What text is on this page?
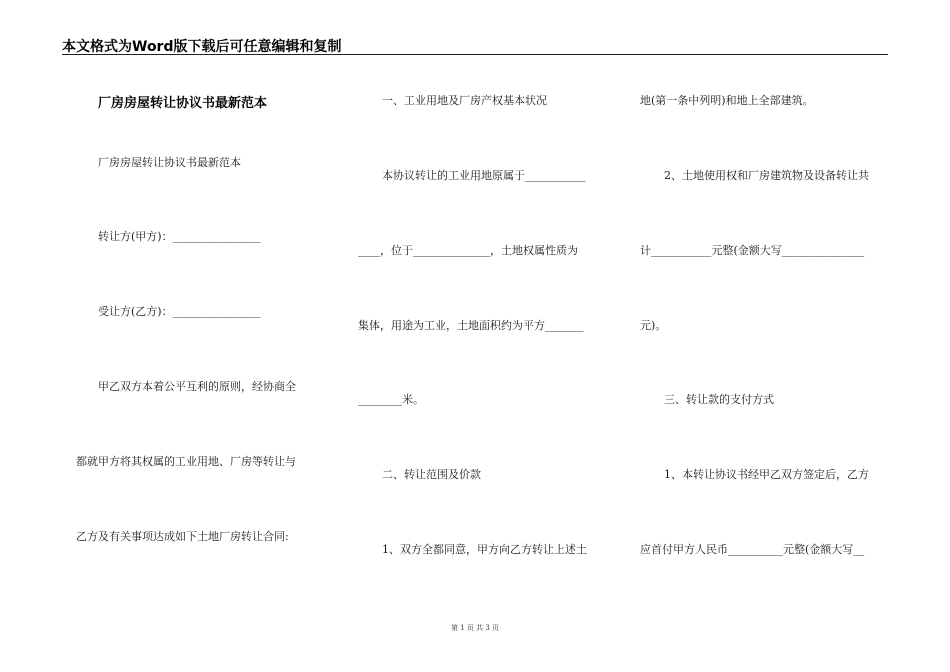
本文格式为Word版下载后可任意编辑和复制
厂房房屋转让协议书最新范本
厂房房屋转让协议书最新范本
转让方(甲方)：________________
受让方(乙方)：________________
甲乙双方本着公平互利的原则，经协商全
都就甲方将其权属的工业用地、厂房等转让与
乙方及有关事项达成如下土地厂房转让合同:
一、工业用地及厂房产权基本状况
本协议转让的工业用地原属于___________
____，位于______________，土地权属性质为
集体，用途为工业，土地面积约为平方_______
________米。
二、转让范围及价款
1、双方全都同意，甲方向乙方转让上述土
地(第一条中列明)和地上全部建筑。
2、土地使用权和厂房建筑物及设备转让共
计___________元整(金额大写_______________
元)。
三、转让款的支付方式
1、本转让协议书经甲乙双方签定后，乙方
应首付甲方人民币__________元整(金额大写__
第 1 页 共 3 页
